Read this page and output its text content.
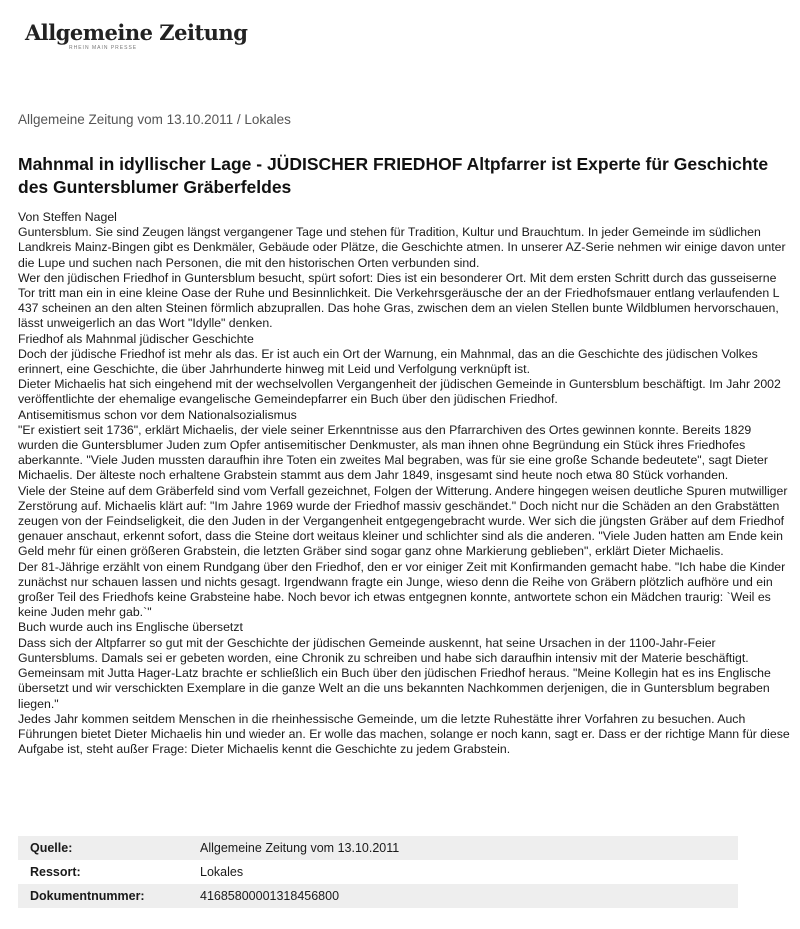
Allgemeine Zeitung
RHEIN MAIN PRESSE
Allgemeine Zeitung vom 13.10.2011 / Lokales
Mahnmal in idyllischer Lage - JÜDISCHER FRIEDHOF Altpfarrer ist Experte für Geschichte des Guntersblumer Gräberfeldes

Von Steffen Nagel

Guntersblum. Sie sind Zeugen längst vergangener Tage und stehen für Tradition, Kultur und Brauchtum. In jeder Gemeinde im südlichen Landkreis Mainz-Bingen gibt es Denkmäler, Gebäude oder Plätze, die Geschichte atmen. In unserer AZ-Serie nehmen wir einige davon unter die Lupe und suchen nach Personen, die mit den historischen Orten verbunden sind.

Wer den jüdischen Friedhof in Guntersblum besucht, spürt sofort: Dies ist ein besonderer Ort. Mit dem ersten Schritt durch das gusseiserne Tor tritt man ein in eine kleine Oase der Ruhe und Besinnlichkeit. Die Verkehrsgeräusche der an der Friedhofsmauer entlang verlaufenden L 437 scheinen an den alten Steinen förmlich abzuprallen. Das hohe Gras, zwischen dem an vielen Stellen bunte Wildblumen hervorschauen, lässt unweigerlich an das Wort "Idylle" denken.

Friedhof als Mahnmal jüdischer Geschichte

Doch der jüdische Friedhof ist mehr als das. Er ist auch ein Ort der Warnung, ein Mahnmal, das an die Geschichte des jüdischen Volkes erinnert, eine Geschichte, die über Jahrhunderte hinweg mit Leid und Verfolgung verknüpft ist.

Dieter Michaelis hat sich eingehend mit der wechselvollen Vergangenheit der jüdischen Gemeinde in Guntersblum beschäftigt. Im Jahr 2002 veröffentlichte der ehemalige evangelische Gemeindepfarrer ein Buch über den jüdischen Friedhof.

Antisemitismus schon vor dem Nationalsozialismus

"Er existiert seit 1736", erklärt Michaelis, der viele seiner Erkenntnisse aus den Pfarrarchiven des Ortes gewinnen konnte. Bereits 1829 wurden die Guntersblumer Juden zum Opfer antisemitischer Denkmuster, als man ihnen ohne Begründung ein Stück ihres Friedhofes aberkannte. "Viele Juden mussten daraufhin ihre Toten ein zweites Mal begraben, was für sie eine große Schande bedeutete", sagt Dieter Michaelis. Der älteste noch erhaltene Grabstein stammt aus dem Jahr 1849, insgesamt sind heute noch etwa 80 Stück vorhanden.

Viele der Steine auf dem Gräberfeld sind vom Verfall gezeichnet, Folgen der Witterung. Andere hingegen weisen deutliche Spuren mutwilliger Zerstörung auf. Michaelis klärt auf: "Im Jahre 1969 wurde der Friedhof massiv geschändet." Doch nicht nur die Schäden an den Grabstätten zeugen von der Feindseligkeit, die den Juden in der Vergangenheit entgegengebracht wurde. Wer sich die jüngsten Gräber auf dem Friedhof genauer anschaut, erkennt sofort, dass die Steine dort weitaus kleiner und schlichter sind als die anderen. "Viele Juden hatten am Ende kein Geld mehr für einen größeren Grabstein, die letzten Gräber sind sogar ganz ohne Markierung geblieben", erklärt Dieter Michaelis.

Der 81-Jährige erzählt von einem Rundgang über den Friedhof, den er vor einiger Zeit mit Konfirmanden gemacht habe. "Ich habe die Kinder zunächst nur schauen lassen und nichts gesagt. Irgendwann fragte ein Junge, wieso denn die Reihe von Gräbern plötzlich aufhöre und ein großer Teil des Friedhofs keine Grabsteine habe. Noch bevor ich etwas entgegnen konnte, antwortete schon ein Mädchen traurig: `Weil es keine Juden mehr gab.`"

Buch wurde auch ins Englische übersetzt

Dass sich der Altpfarrer so gut mit der Geschichte der jüdischen Gemeinde auskennt, hat seine Ursachen in der 1100-Jahr-Feier Guntersblums. Damals sei er gebeten worden, eine Chronik zu schreiben und habe sich daraufhin intensiv mit der Materie beschäftigt. Gemeinsam mit Jutta Hager-Latz brachte er schließlich ein Buch über den jüdischen Friedhof heraus. "Meine Kollegin hat es ins Englische übersetzt und wir verschickten Exemplare in die ganze Welt an die uns bekannten Nachkommen derjenigen, die in Guntersblum begraben liegen."

Jedes Jahr kommen seitdem Menschen in die rheinhessische Gemeinde, um die letzte Ruhestätte ihrer Vorfahren zu besuchen. Auch Führungen bietet Dieter Michaelis hin und wieder an. Er wolle das machen, solange er noch kann, sagt er. Dass er der richtige Mann für diese Aufgabe ist, steht außer Frage: Dieter Michaelis kennt die Geschichte zu jedem Grabstein.

Quelle:	Allgemeine Zeitung vom 13.10.2011
Ressort:	Lokales
Dokumentnummer:	416858000013184568​00
